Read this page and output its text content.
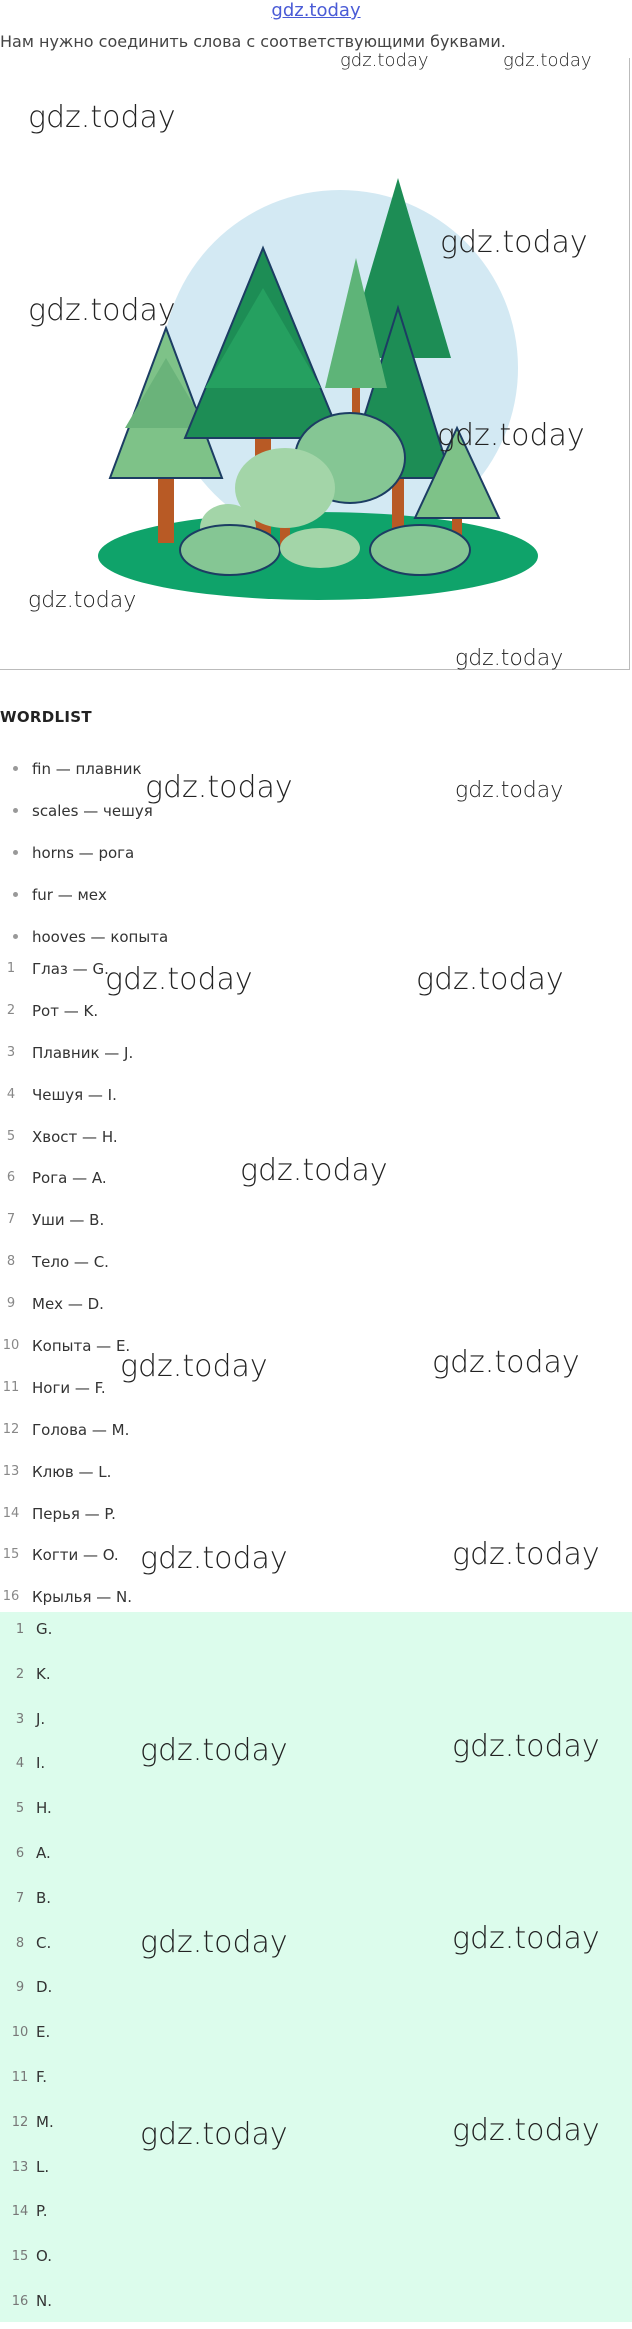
gdz.today
Нам нужно соединить слова с соответствующими буквами.
WORDLIST
fin — плавник
scales — чешуя
horns — рога
fur — мех
hooves — копыта
1	Глаз — G.
2	Рот — K.
3	Плавник — J.
4	Чешуя — I.
5	Хвост — H.
6	Рога — A.
7	Уши — B.
8	Тело — C.
9	Мех — D.
10 Копыта — E.
11 Ноги — F.
12 Голова — M.
13 Клюв — L.
14 Перья — P.
15 Когти — O.
16 Крылья — N.
1 G.
2 K.
3 J.
4 I.
5 H.
6 A.
7 B.
8 C.
9 D.
10 E.
11 F.
12 M.
13 L.
14 P.
15 O.
16 N.
gdz.today	gdz.today
gdz.today
gdz.today
gdz.today
gdz.today
gdz.today
gdz.today
gdz.today	gdz.today
gdz.today	gdz.today
gdz.today
gdz.today	gdz.today
gdz.today	gdz.today
gdz.today	gdz.today
gdz.today	gdz.today
gdz.today	gdz.today
